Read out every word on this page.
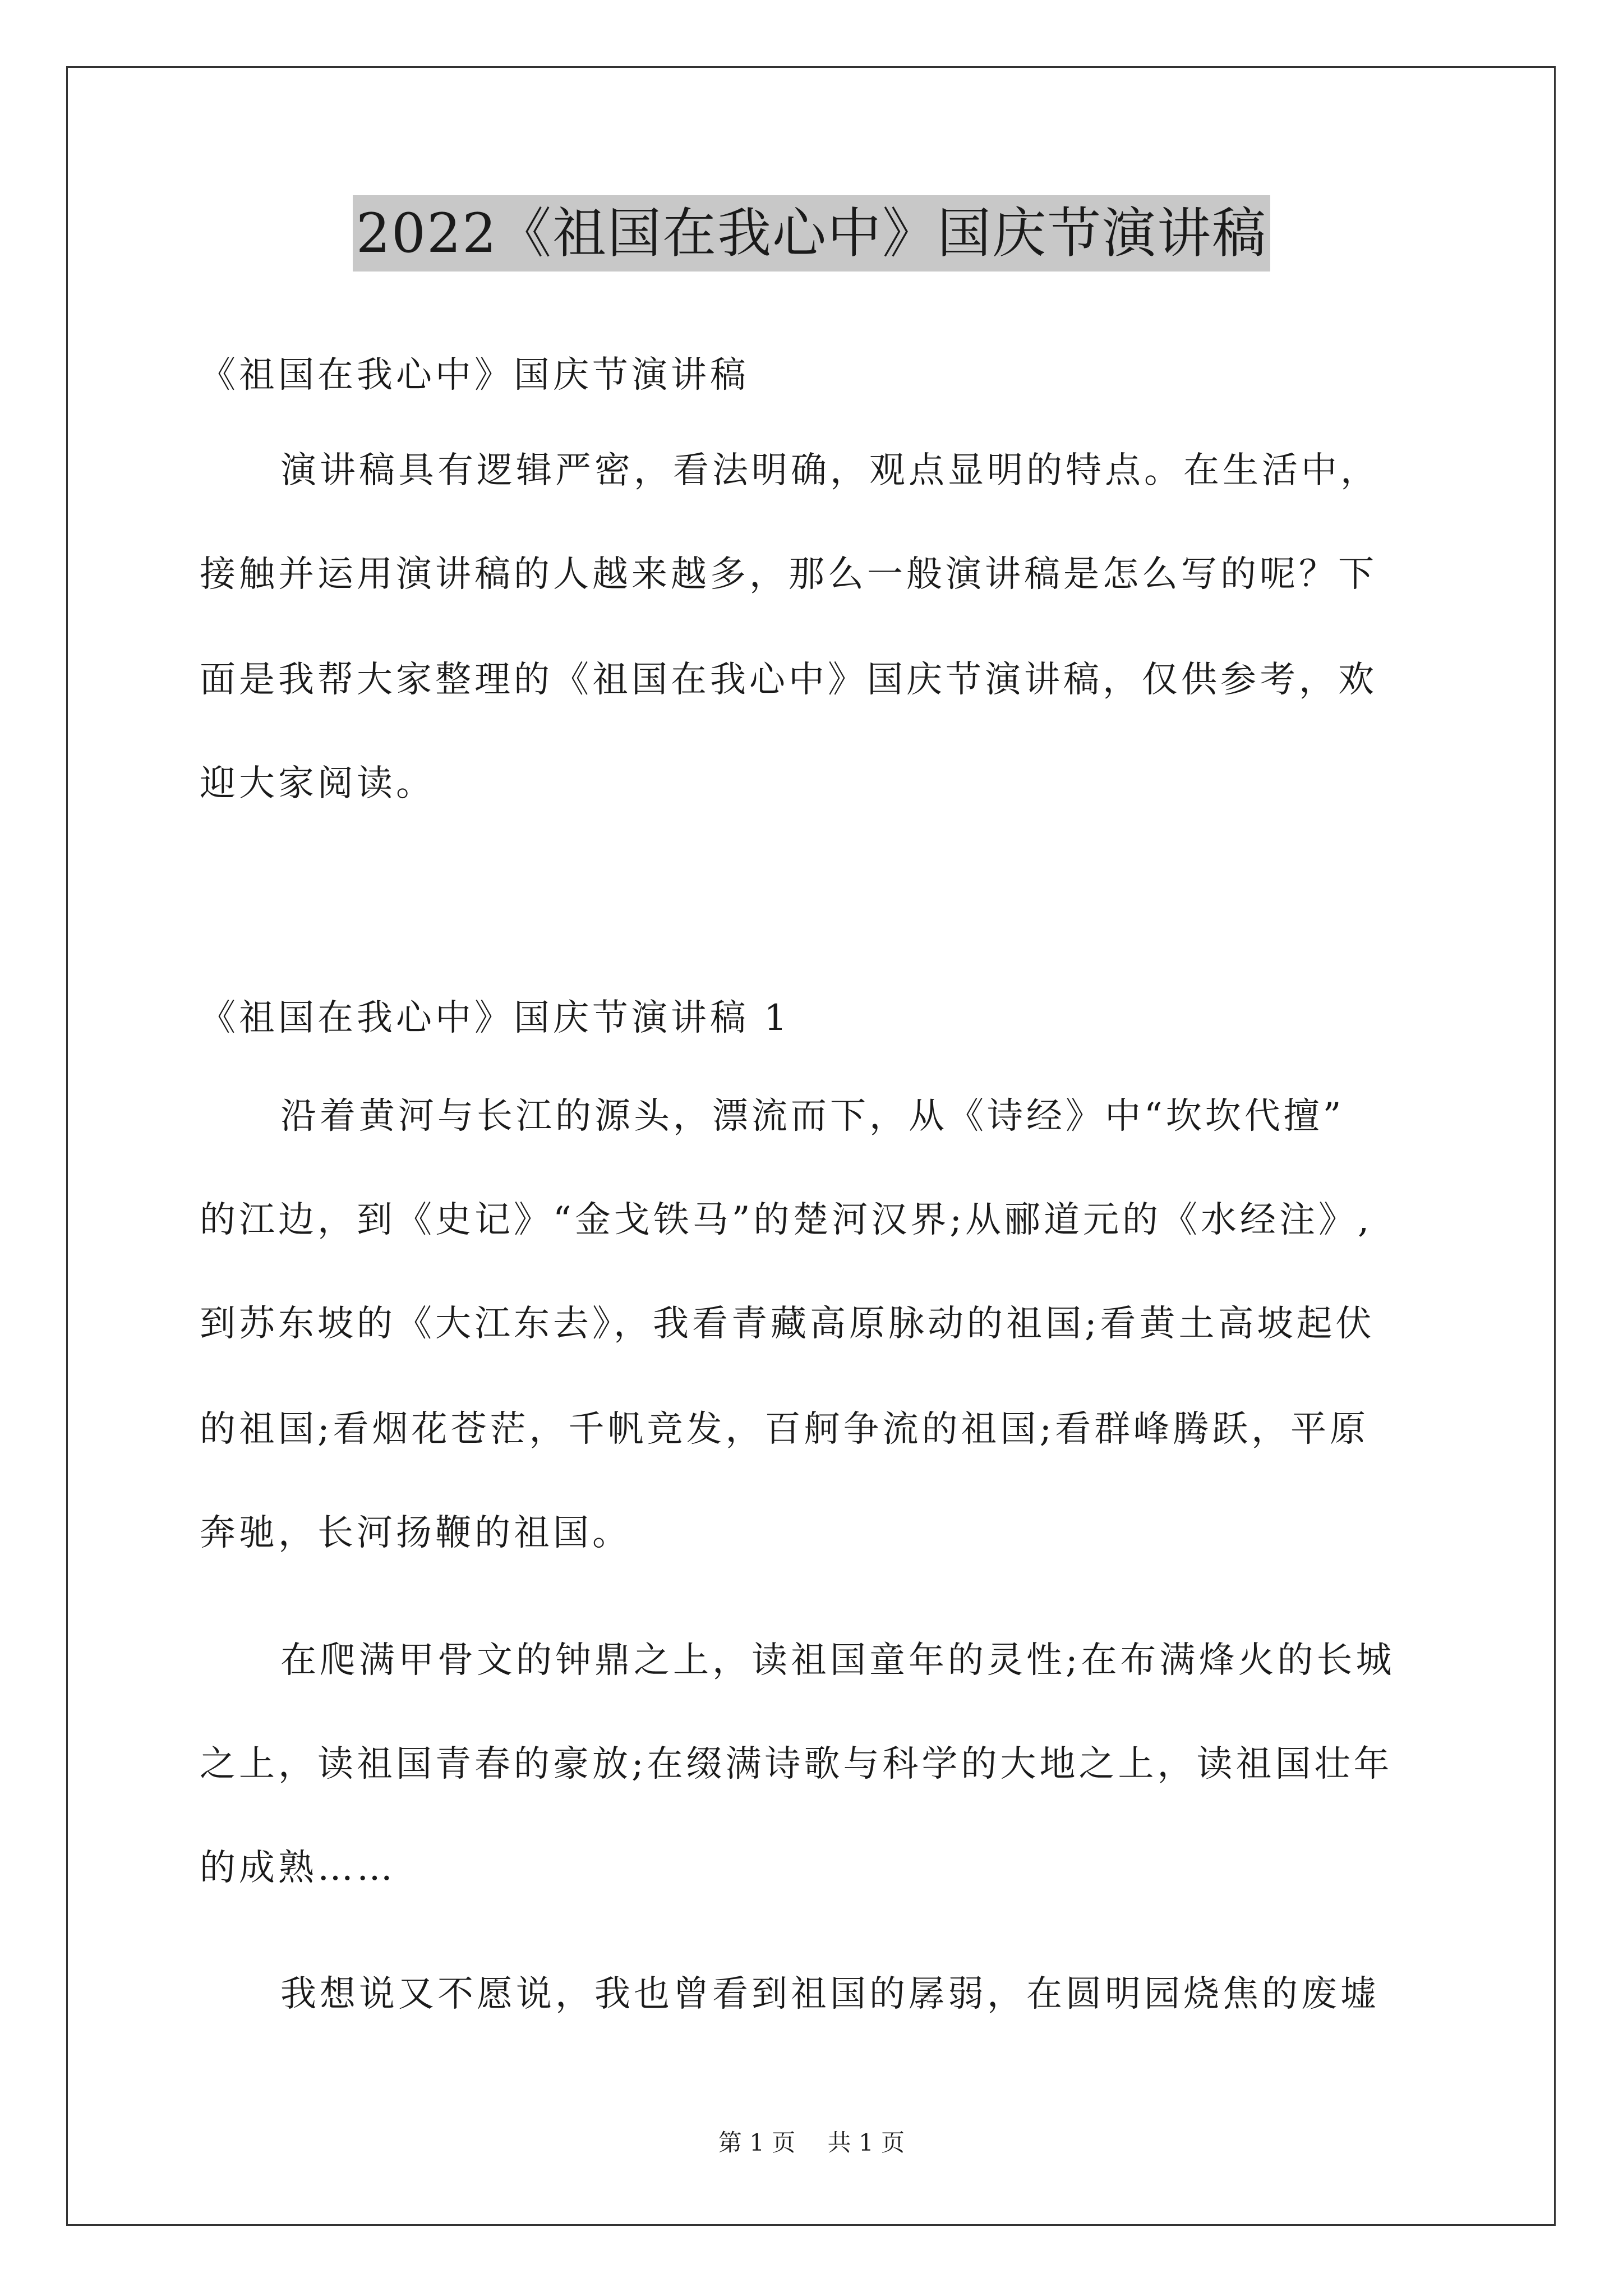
2022《祖国在我心中》国庆节演讲稿
《祖国在我心中》国庆节演讲稿
演讲稿具有逻辑严密，看法明确，观点显明的特点。在生活中，
接触并运用演讲稿的人越来越多，那么一般演讲稿是怎么写的呢？下
面是我帮大家整理的《祖国在我心中》国庆节演讲稿，仅供参考，欢
迎大家阅读。
《祖国在我心中》国庆节演讲稿 1
沿着黄河与长江的源头，漂流而下，从《诗经》中“坎坎代擅”
的江边，到《史记》“金戈铁马”的楚河汉界;从郦道元的《水经注》,
到苏东坡的《大江东去》，我看青藏高原脉动的祖国;看黄土高坡起伏
的祖国;看烟花苍茫，千帆竞发，百舸争流的祖国;看群峰腾跃，平原
奔驰，长河扬鞭的祖国。
在爬满甲骨文的钟鼎之上，读祖国童年的灵性;在布满烽火的长城
之上，读祖国青春的豪放;在缀满诗歌与科学的大地之上，读祖国壮年
的成熟……
我想说又不愿说，我也曾看到祖国的孱弱，在圆明园烧焦的废墟
第 1 页 共 1 页
